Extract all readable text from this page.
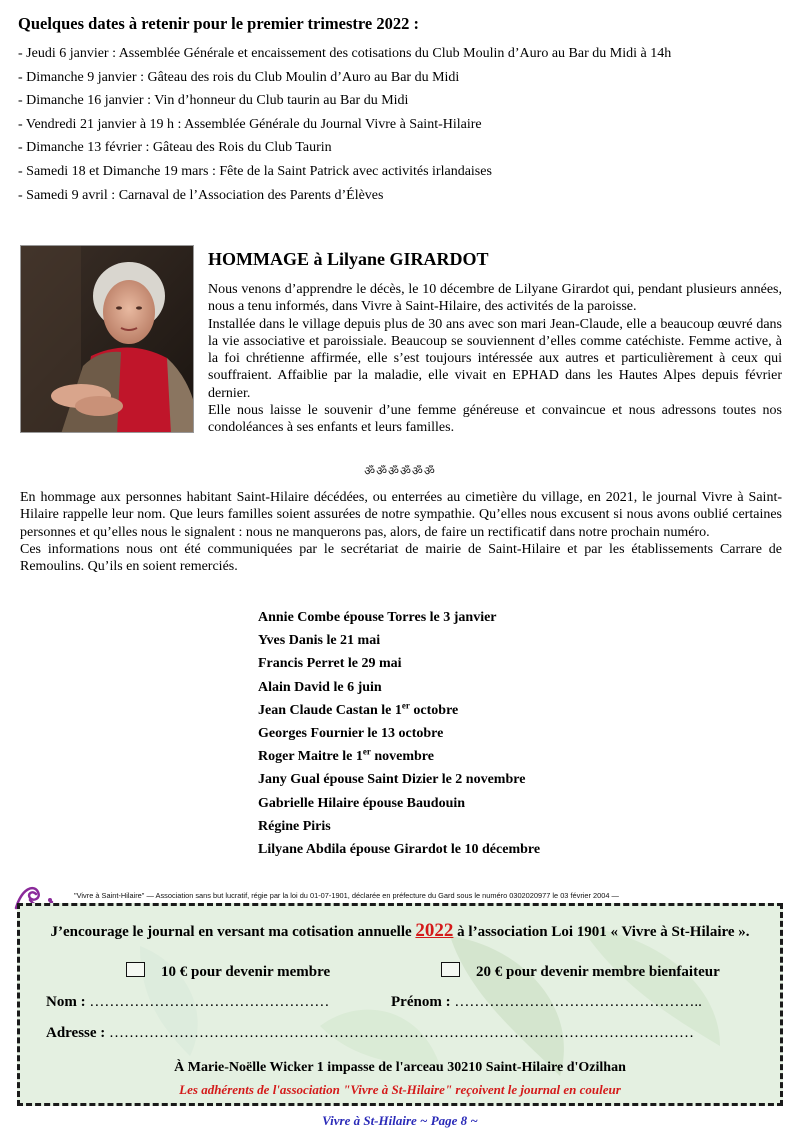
Quelques dates à retenir pour le premier trimestre 2022 :
- Jeudi 6 janvier : Assemblée Générale et encaissement des cotisations du Club Moulin d’Auro au Bar du Midi à 14h
- Dimanche 9 janvier : Gâteau des rois du Club Moulin d’Auro au Bar du Midi
- Dimanche 16 janvier : Vin d’honneur du Club taurin au Bar du Midi
- Vendredi 21 janvier à 19 h : Assemblée Générale du Journal Vivre à Saint-Hilaire
- Dimanche 13 février : Gâteau des Rois du Club Taurin
- Samedi 18 et Dimanche 19 mars : Fête de la Saint Patrick avec activités irlandaises
- Samedi 9 avril : Carnaval de l’Association des Parents d’Élèves
HOMMAGE à Lilyane GIRARDOT

Nous venons d’apprendre le décès, le 10 décembre de Lilyane Girardot qui, pendant plusieurs années, nous a tenu informés, dans Vivre à Saint-Hilaire, des activités de la paroisse.

Installée dans le village depuis plus de 30 ans avec son mari Jean-Claude, elle a beaucoup œuvré dans la vie associative et paroissiale. Beaucoup se souviennent d’elles comme catéchiste. Femme active, à la foi chrétienne affirmée, elle s’est toujours intéressée aux autres et particulièrement à ceux qui souffraient. Affaiblie par la maladie, elle vivait en EPHAD dans les Hautes Alpes depuis février dernier.

Elle nous laisse le souvenir d’une femme généreuse et convaincue et nous adressons toutes nos condoléances à ses enfants et leurs familles.

ॐॐॐॐॐॐ

En hommage aux personnes habitant Saint-Hilaire décédées, ou enterrées au cimetière du village, en 2021, le journal Vivre à Saint-Hilaire rappelle leur nom. Que leurs familles soient assurées de notre sympathie. Qu’elles nous excusent si nous avons oublié certaines personnes et qu’elles nous le signalent : nous ne manquerons pas, alors, de faire un rectificatif dans notre prochain numéro.

Ces informations nous ont été communiquées par le secrétariat de mairie de Saint-Hilaire et par les établissements Carrare de Remoulins. Qu’ils en soient remerciés.

Annie Combe épouse Torres le 3 janvier
Yves Danis le 21 mai
Francis Perret le 29 mai
Alain David le 6 juin
Jean Claude Castan le 1er octobre
Georges Fournier le 13 octobre
Roger Maitre le 1er novembre
Jany Gual épouse Saint Dizier le 2 novembre
Gabrielle Hilaire épouse Baudouin
Régine Piris
Lilyane Abdila épouse Girardot le 10 décembre
"Vivre à Saint-Hilaire" — Association sans but lucratif, régie par la loi du 01-07-1901, déclarée en préfecture du Gard sous le numéro 0302020977 le 03 février 2004 —
J’encourage le journal en versant ma cotisation annuelle 2022 à l’association Loi 1901 « Vivre à St-Hilaire ».
10 € pour devenir membre	20 € pour devenir membre bienfaiteur
Nom : …………………………………………	Prénom : …………………………………………..
Adresse : ………………………………………………………………………………………………………
À Marie-Noëlle Wicker 1 impasse de l'arceau 30210 Saint-Hilaire d'Ozilhan
Les adhérents de l'association "Vivre à St-Hilaire" reçoivent le journal en couleur
Vivre à St-Hilaire ~ Page 8 ~
